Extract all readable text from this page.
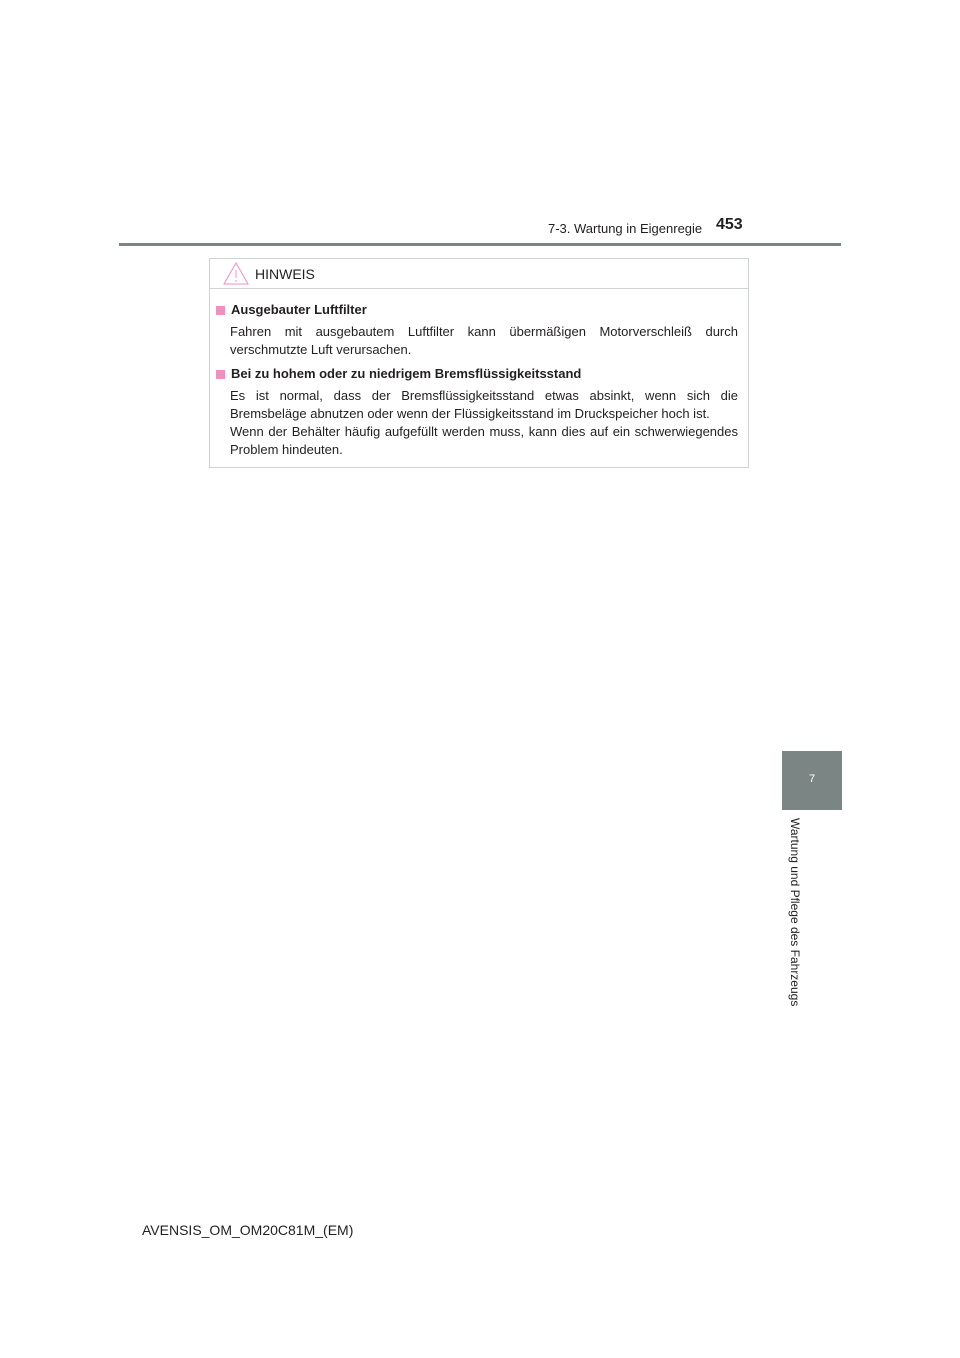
7-3. Wartung in Eigenregie 453
HINWEIS
Ausgebauter Luftfilter
Fahren mit ausgebautem Luftfilter kann übermäßigen Motorverschleiß durch verschmutzte Luft verursachen.
Bei zu hohem oder zu niedrigem Bremsflüssigkeitsstand
Es ist normal, dass der Bremsflüssigkeitsstand etwas absinkt, wenn sich die Bremsbeläge abnutzen oder wenn der Flüssigkeitsstand im Druckspeicher hoch ist.
Wenn der Behälter häufig aufgefüllt werden muss, kann dies auf ein schwerwiegendes Problem hindeuten.
7
Wartung und Pflege des Fahrzeugs
AVENSIS_OM_OM20C81M_(EM)
